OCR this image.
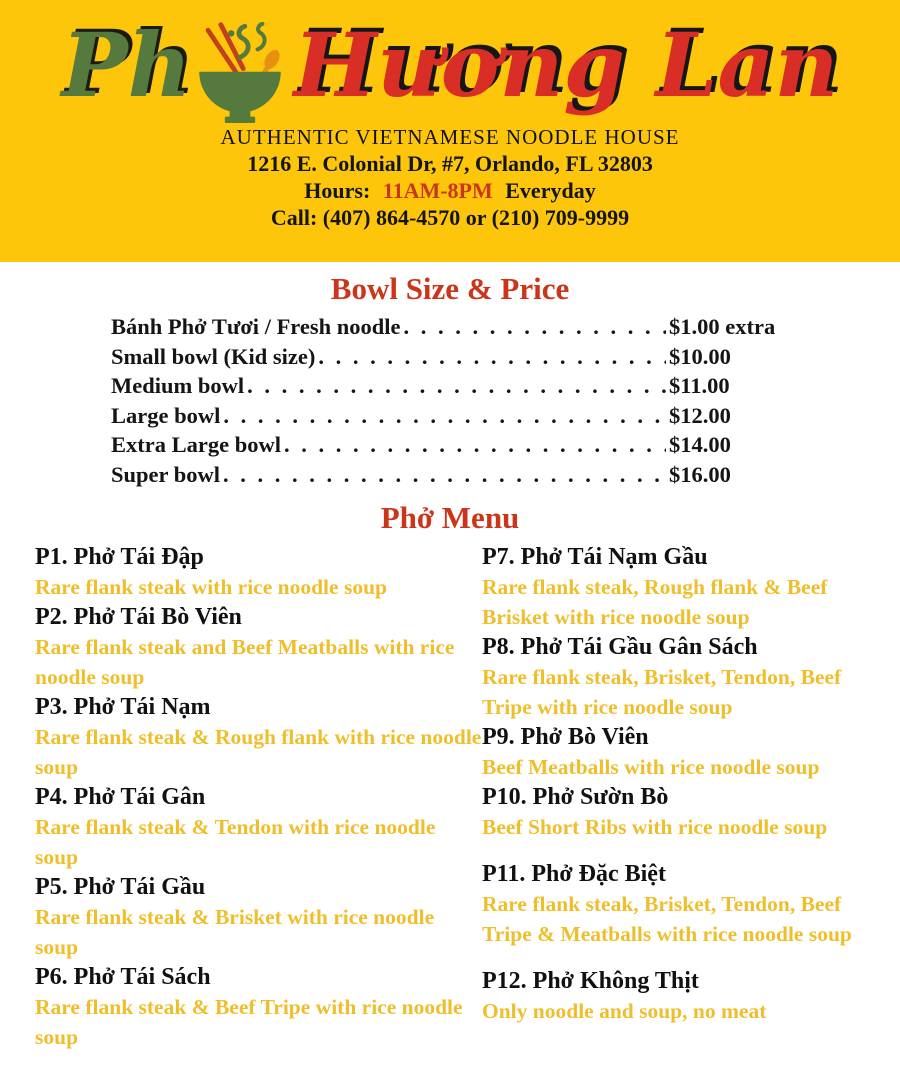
Ph Hương Lan
AUTHENTIC VIETNAMESE NOODLE HOUSE
1216 E. Colonial Dr, #7, Orlando, FL 32803
Hours: 11AM-8PM Everyday
Call: (407) 864-4570 or (210) 709-9999
Bowl Size & Price
Bánh Phở Tươi / Fresh noodle . . .	$1.00 extra
Small bowl (Kid size) . . .	$10.00
Medium bowl . . .	$11.00
Large bowl . . .	$12.00
Extra Large bowl . . .	$14.00
Super bowl . . .	$16.00
Phở Menu
P1. Phở Tái Đập
Rare flank steak with rice noodle soup
P2. Phở Tái Bò Viên
Rare flank steak and Beef Meatballs with rice noodle soup
P3. Phở Tái Nạm
Rare flank steak & Rough flank with rice noodle soup
P4. Phở Tái Gân
Rare flank steak & Tendon with rice noodle soup
P5. Phở Tái Gầu
Rare flank steak & Brisket with rice noodle soup
P6. Phở Tái Sách
Rare flank steak & Beef Tripe with rice noodle soup
P7. Phở Tái Nạm Gầu
Rare flank steak, Rough flank & Beef Brisket with rice noodle soup
P8. Phở Tái Gầu Gân Sách
Rare flank steak, Brisket, Tendon, Beef Tripe with rice noodle soup
P9. Phở Bò Viên
Beef Meatballs with rice noodle soup
P10. Phở Sườn Bò
Beef Short Ribs with rice noodle soup
P11. Phở Đặc Biệt
Rare flank steak, Brisket, Tendon, Beef Tripe & Meatballs with rice noodle soup
P12. Phở Không Thịt
Only noodle and soup, no meat
